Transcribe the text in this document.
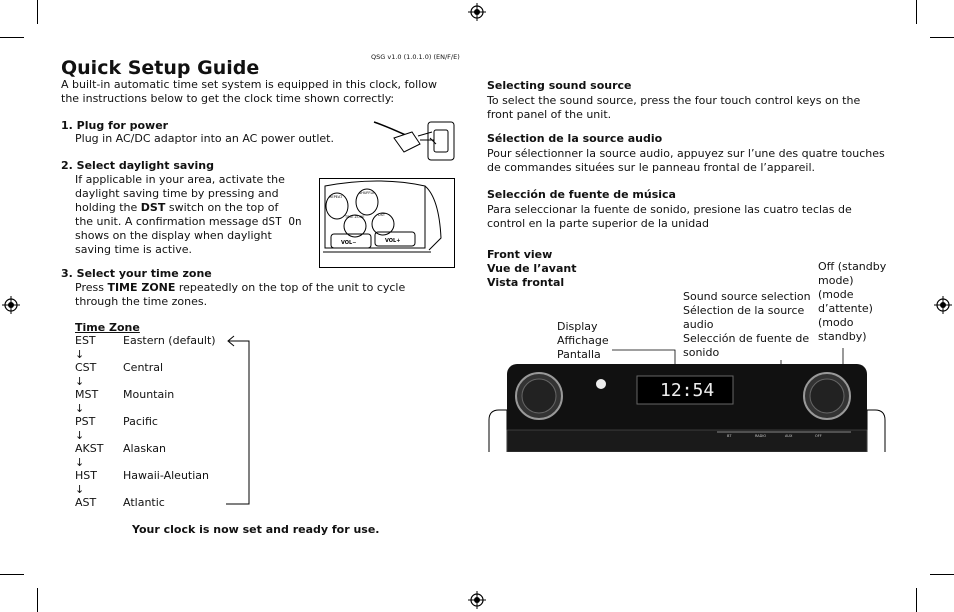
QSG v1.0 (1.0.1.0) (EN/F/E)
Quick Setup Guide
A built-in automatic time set system is equipped in this clock, follow
the instructions below to get the clock time shown correctly:
1. Plug for power
Plug in AC/DC adaptor into an AC power outlet.
2. Select daylight saving
If applicable in your area, activate the
daylight saving time by pressing and
holding the DST switch on the top of
the unit. A confirmation message dST On
shows on the display when daylight
saving time is active.
REPEAT
SHUFFLE
TIME ZONE	DST
VOL−	VOL+
3. Select your time zone
Press TIME ZONE repeatedly on the top of the unit to cycle
through the time zones.
Time Zone
EST Eastern (default)
↓
CST Central
↓
MST Mountain
↓
PST	Pacific
↓
AKST Alaskan
↓
HST Hawaii-Aleutian
↓
AST Atlantic
Your clock is now set and ready for use.
Selecting sound source
To select the sound source, press the four touch control keys on the
front panel of the unit.
Sélection de la source audio
Pour sélectionner la source audio, appuyez sur l’une des quatre touches
de commandes situées sur le panneau frontal de l’appareil.
Selección de fuente de música
Para seleccionar la fuente de sonido, presione las cuatro teclas de
control en la parte superior de la unidad
Front view
Vue de l’avant
Vista frontal
Display
Affichage
Pantalla
Sound source selection
Sélection de la source
audio
Selección de fuente de
sonido
Off (standby
mode)
(mode
d’attente)
(modo
standby)
12:54
BT	RADIO	AUX	OFF
